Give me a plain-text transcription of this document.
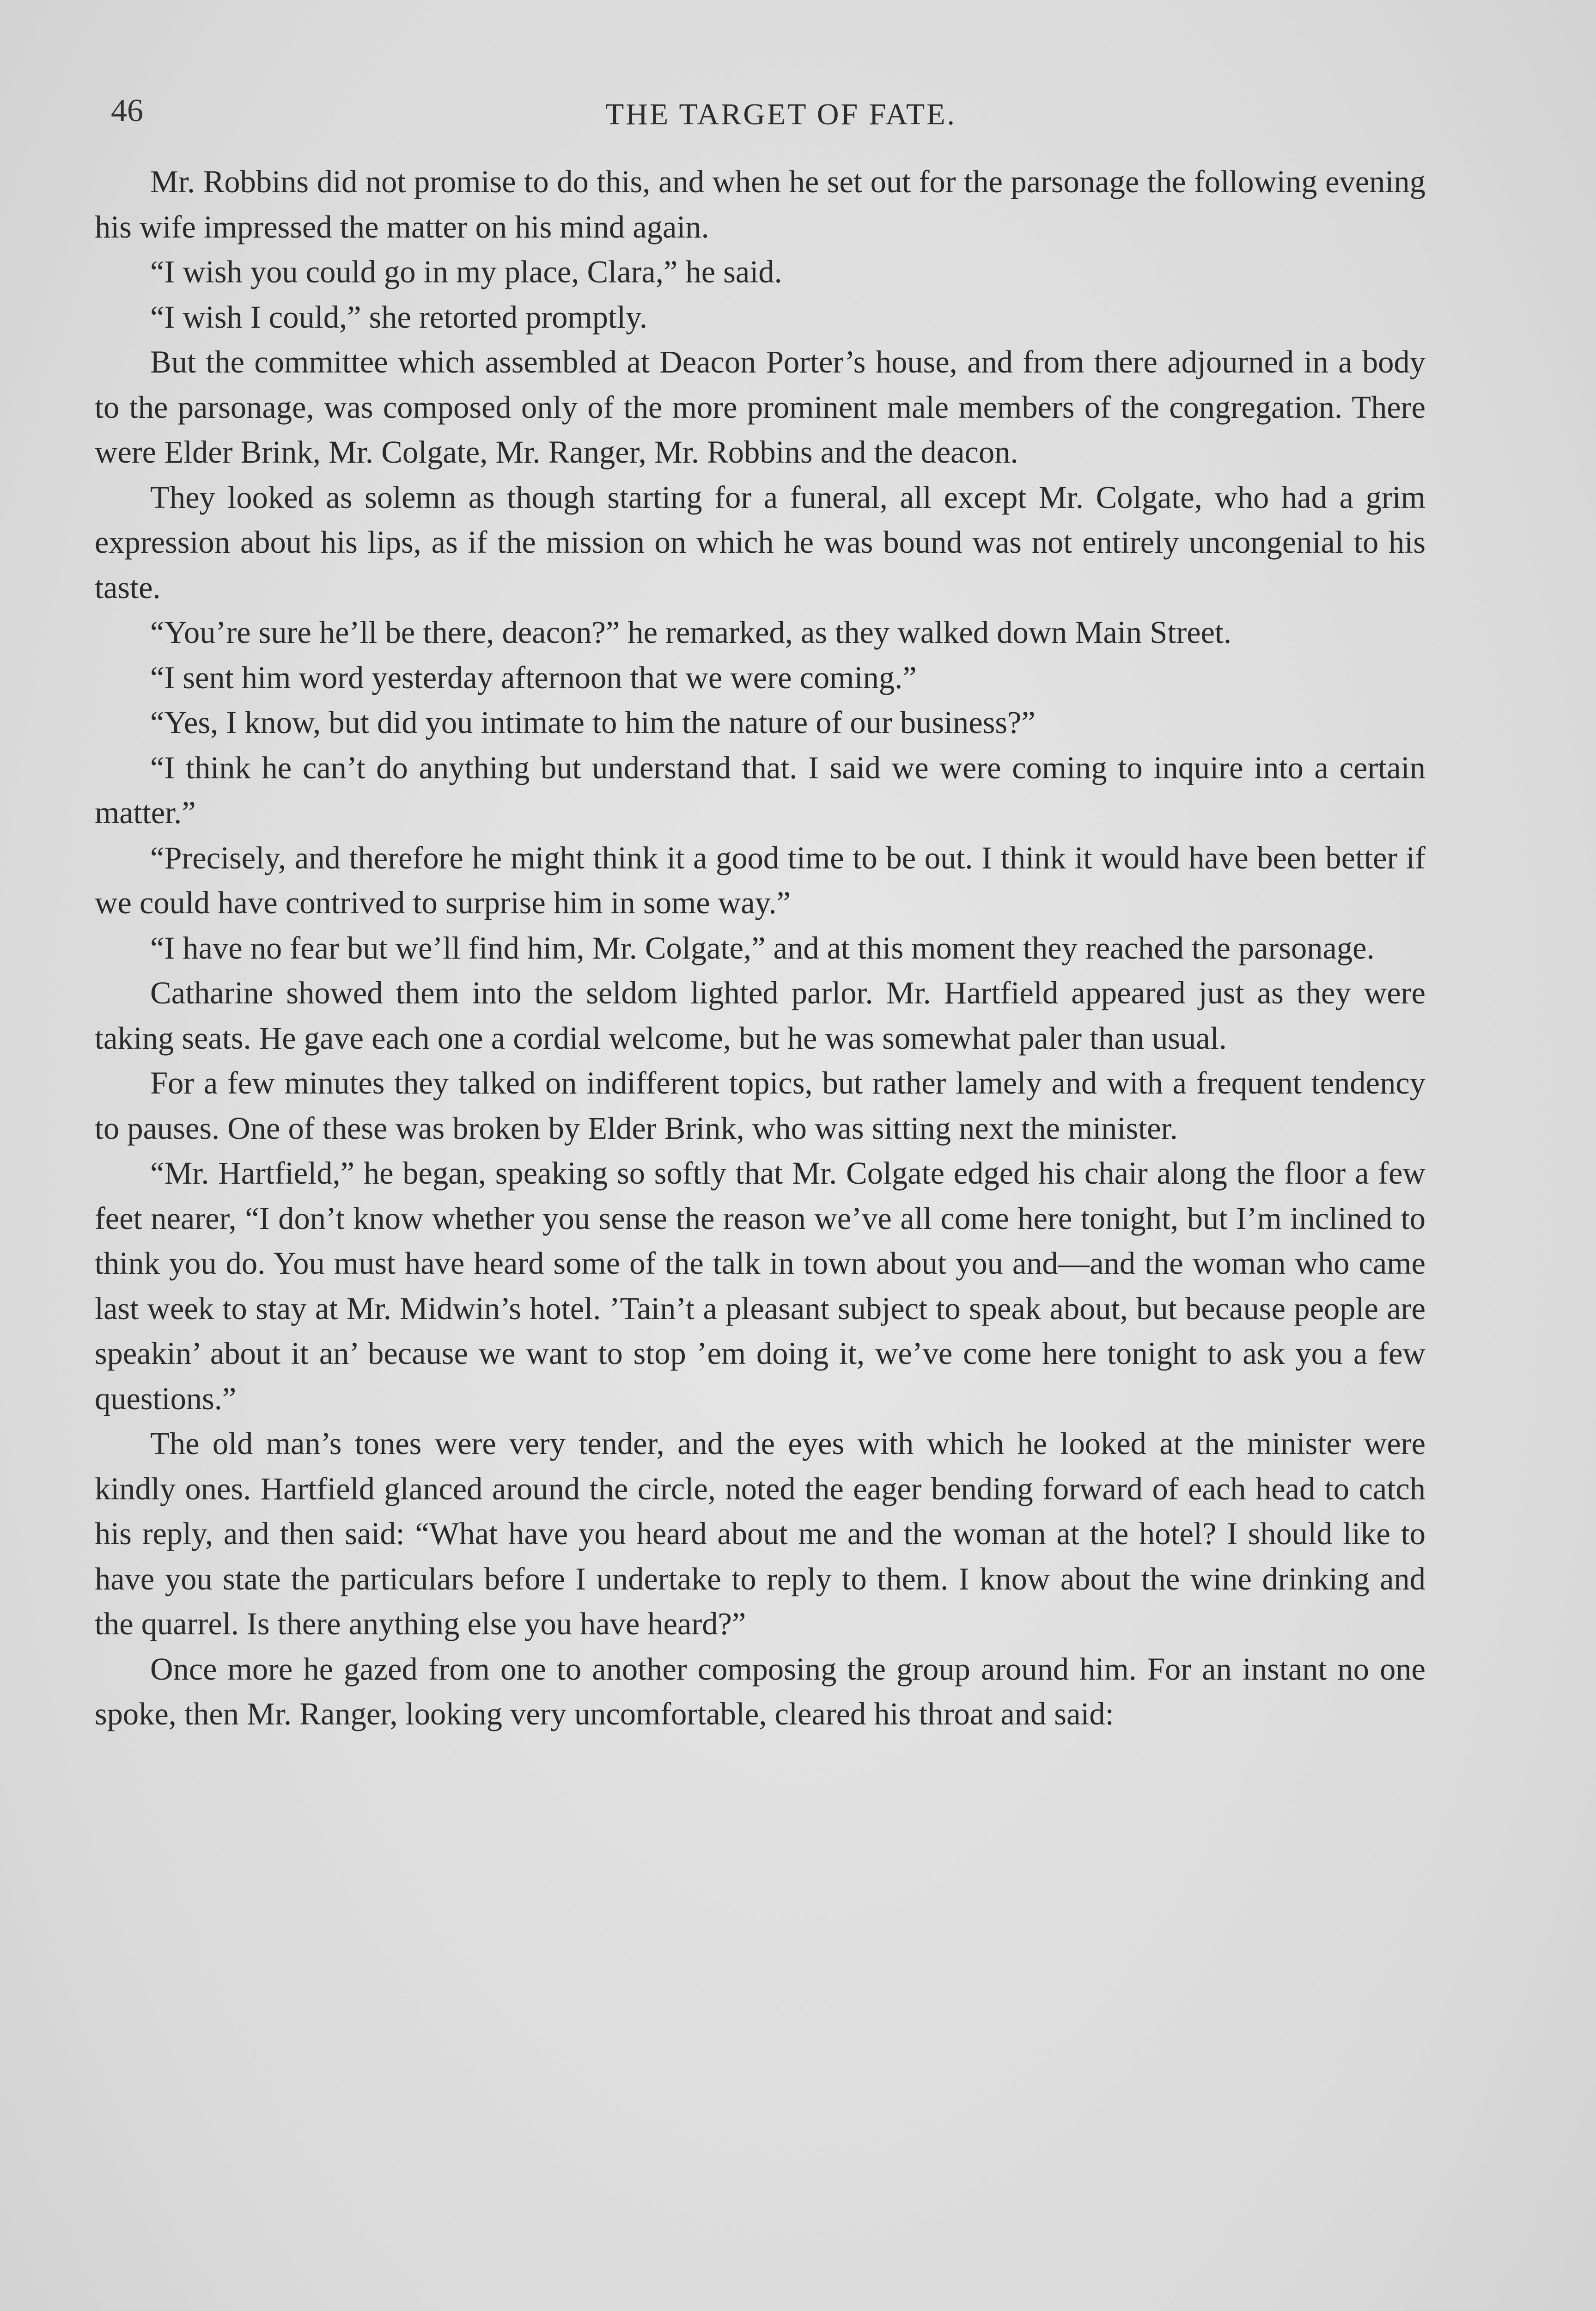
46	THE TARGET OF FATE.

Mr. Robbins did not promise to do this, and when he set out for the parsonage the following evening his wife impressed the matter on his mind again.

“I wish you could go in my place, Clara,” he said.

“I wish I could,” she retorted promptly.

But the committee which assembled at Deacon Porter’s house, and from there adjourned in a body to the parsonage, was composed only of the more prominent male members of the congregation. There were Elder Brink, Mr. Colgate, Mr. Ranger, Mr. Robbins and the deacon.

They looked as solemn as though starting for a funeral, all except Mr. Colgate, who had a grim expression about his lips, as if the mission on which he was bound was not entirely uncongenial to his taste.

“You’re sure he’ll be there, deacon?” he remarked, as they walked down Main Street.

“I sent him word yesterday afternoon that we were coming.”

“Yes, I know, but did you intimate to him the nature of our business?”

“I think he can’t do anything but understand that. I said we were coming to inquire into a certain matter.”

“Precisely, and therefore he might think it a good time to be out. I think it would have been better if we could have contrived to surprise him in some way.”

“I have no fear but we’ll find him, Mr. Colgate,” and at this moment they reached the parsonage.

Catharine showed them into the seldom lighted parlor. Mr. Hartfield appeared just as they were taking seats. He gave each one a cordial welcome, but he was somewhat paler than usual.

For a few minutes they talked on indifferent topics, but rather lamely and with a frequent tendency to pauses. One of these was broken by Elder Brink, who was sitting next the minister.

“Mr. Hartfield,” he began, speaking so softly that Mr. Colgate edged his chair along the floor a few feet nearer, “I don’t know whether you sense the reason we’ve all come here tonight, but I’m inclined to think you do. You must have heard some of the talk in town about you and—and the woman who came last week to stay at Mr. Midwin’s hotel. ’Tain’t a pleasant subject to speak about, but because people are speakin’ about it an’ because we want to stop ’em doing it, we’ve come here tonight to ask you a few questions.”

The old man’s tones were very tender, and the eyes with which he looked at the minister were kindly ones. Hartfield glanced around the circle, noted the eager bending forward of each head to catch his reply, and then said: “What have you heard about me and the woman at the hotel? I should like to have you state the particulars before I undertake to reply to them. I know about the wine drinking and the quarrel. Is there anything else you have heard?”

Once more he gazed from one to another composing the group around him. For an instant no one spoke, then Mr. Ranger, looking very uncomfortable, cleared his throat and said:
